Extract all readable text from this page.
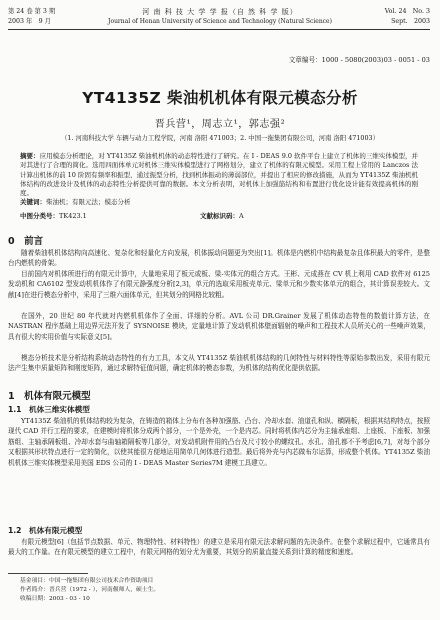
第 24 卷 第 3 期	河 南 科 技 大 学 学 报（自 然 科 学 版）	Vol. 24　No. 3
2003 年　9 月	Journal of Henan University of Science and Technology (Natural Science)	Sept.　2003
文章编号：1000 - 5080(2003)03 - 0051 - 03
YT4135Z 柴油机机体有限元模态分析
晋兵营¹，周志立¹，郭志强²
（1. 河南科技大学 车辆与动力工程学院，河南 洛阳 471003；2. 中国一拖集团有限公司，河南 洛阳 471003）
摘要：应用模态分析理论，对 YT4135Z 柴油机机体的动态特性进行了研究。在 I - DEAS 9.0 软件平台上建立了机体的三维实体模型，并对其进行了合理的简化。选用四面体单元对机体三维实体模型进行了网格划分，建立了机体的有限元模型。采用工程上常用的 Lanczos 法计算出机体的前 10 阶固有频率和振型，通过振型分析，找到机体振动的薄弱部位，并提出了相应的修改措施，从而为 YT4135Z 柴油机机体结构的改进设计及机体的动态特性分析提供可靠的数据。本文分析表明，对机体上加强筋结构和布置进行优化设计能有效提高机体的刚度。
关键词：柴油机；有限元法；模态分析
中图分类号：TK423.1	文献标识码：A
0　前言
随着柴油机机体结构向高速化、复杂化和轻量化方向发展，机体振动问题更为突出[1]。机体是内燃机中结构最复杂且体积最大的零件，是整台内燃机的骨架。
目前国内对机体所进行的有限元计算中，大量地采用了板元或板、梁-实体元的组合方式。王彬、元成燕在 CV 机上利用 CAD 软件对 6125 发动机和 CA6102 型发动机机体作了有限元静强度分析[2,3]，单元的选取采用板壳单元、梁单元和少数实体单元的组合，其计算误差较大。文献[4]在进行模态分析中，采用了三维六面体单元，但其划分的网格比较粗。
在国外，20 世纪 80 年代就对内燃机机体作了全面、详细的分析。AVL 公司 DR.Grainer 发展了机体动态特性的数值计算方法，在 NASTRAN 程序基础上用边界元法开发了 SYSNOISE 模块，定量地计算了发动机机体壁面辐射的噪声和工程技术人员所关心的一些噪声效果，具有很大的实用价值与实际意义[5]。
模态分析技术是分析结构系统动态特性的有力工具，本文从 YT4135Z 柴油机机体结构的几何特性与材料特性等原始参数出发，采用有限元法产生集中质量矩阵和刚度矩阵，通过求解特征值问题，确定机体的模态参数，为机体的结构优化提供依据。
1　机体有限元模型
1.1　机体三维实体模型
YT4135Z 柴油机的机体结构较为复杂，在铸造的箱体上分布有各种加强筋、凸台、冷却水套、油道孔和纵、横隔板，根据其结构特点，按照现代 CAD 并行工程的要求，在建模时将机体分成两个部分，一个是外壳，一个是内芯。同时将机体内芯分为主轴承座组、上座板、下座板、加强筋组、主轴承隔板组、冷却水套与曲轴箱隔板等几部分，对发动机附件用的凸台及尺寸较小的螺纹孔、水孔、油孔都不予考虑[6,7]，对每个部分又根据其形状特点进行一定的简化，以使其能很方便地运用简单几何体进行造型。最后将外壳与内芯做布尔运算，形成整个机体。YT4135Z 柴油机机体三维实体模型采用美国 EDS 公司的 I - DEAS Master Series7M 建模工具建立。
1.2　机体有限元模型
有限元模型[6]（包括节点数据、单元、物理特性、材料特性）的建立是采用有限元法求解问题的先决条件。在整个求解过程中，它通常具有最大的工作量。在有限元模型的建立工程中，有限元网格的划分尤为重要，其划分的质量直接关系到计算的精度和速度。
基金项目：中国一拖集团有限公司技术合作资助项目
作者简介：晋兵营（1972 - ），河南偃师人，硕士生。
收稿日期：2003 - 03 - 10
